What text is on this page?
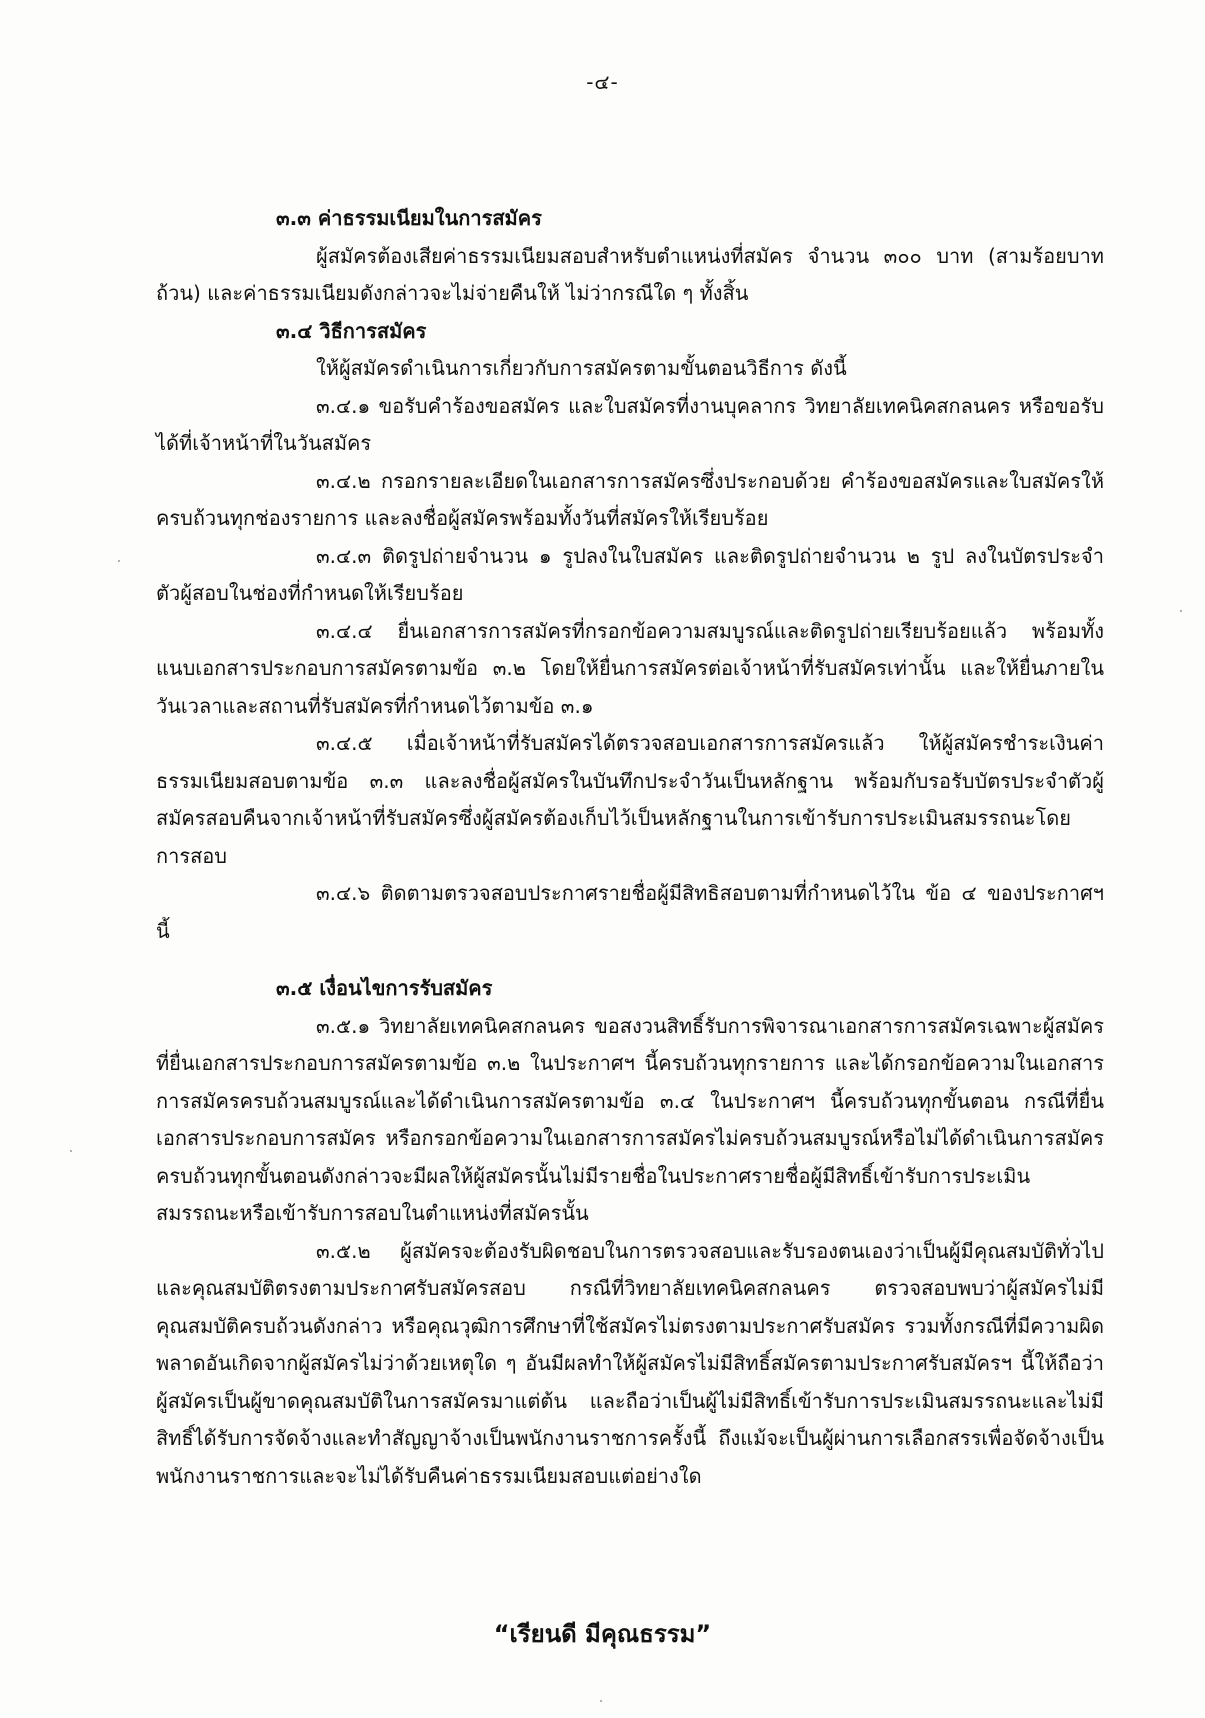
-๔-

๓.๓ ค่าธรรมเนียมในการสมัคร

ผู้สมัครต้องเสียค่าธรรมเนียมสอบสำหรับตำแหน่งที่สมัคร จำนวน ๓๐๐ บาท (สามร้อยบาทถ้วน) และค่าธรรมเนียมดังกล่าวจะไม่จ่ายคืนให้ ไม่ว่ากรณีใด ๆ ทั้งสิ้น

๓.๔ วิธีการสมัคร

ให้ผู้สมัครดำเนินการเกี่ยวกับการสมัครตามขั้นตอนวิธีการ ดังนี้

๓.๔.๑ ขอรับคำร้องขอสมัคร และใบสมัครที่งานบุคลากร วิทยาลัยเทคนิคสกลนคร หรือขอรับได้ที่เจ้าหน้าที่ในวันสมัคร

๓.๔.๒ กรอกรายละเอียดในเอกสารการสมัครซึ่งประกอบด้วย คำร้องขอสมัครและใบสมัครให้ครบถ้วนทุกช่องรายการ และลงชื่อผู้สมัครพร้อมทั้งวันที่สมัครให้เรียบร้อย

๓.๔.๓ ติดรูปถ่ายจำนวน ๑ รูปลงในใบสมัคร และติดรูปถ่ายจำนวน ๒ รูป ลงในบัตรประจำตัวผู้สอบในช่องที่กำหนดให้เรียบร้อย

๓.๔.๔ ยื่นเอกสารการสมัครที่กรอกข้อความสมบูรณ์และติดรูปถ่ายเรียบร้อยแล้ว พร้อมทั้งแนบเอกสารประกอบการสมัครตามข้อ ๓.๒ โดยให้ยื่นการสมัครต่อเจ้าหน้าที่รับสมัครเท่านั้น และให้ยื่นภายในวันเวลาและสถานที่รับสมัครที่กำหนดไว้ตามข้อ ๓.๑

๓.๔.๕ เมื่อเจ้าหน้าที่รับสมัครได้ตรวจสอบเอกสารการสมัครแล้ว ให้ผู้สมัครชำระเงินค่าธรรมเนียมสอบตามข้อ ๓.๓ และลงชื่อผู้สมัครในบันทึกประจำวันเป็นหลักฐาน พร้อมกับรอรับบัตรประจำตัวผู้สมัครสอบคืนจากเจ้าหน้าที่รับสมัครซึ่งผู้สมัครต้องเก็บไว้เป็นหลักฐานในการเข้ารับการประเมินสมรรถนะโดยการสอบ

๓.๔.๖ ติดตามตรวจสอบประกาศรายชื่อผู้มีสิทธิสอบตามที่กำหนดไว้ใน ข้อ ๔ ของประกาศฯ นี้

๓.๕ เงื่อนไขการรับสมัคร

๓.๕.๑ วิทยาลัยเทคนิคสกลนคร ขอสงวนสิทธิ์รับการพิจารณาเอกสารการสมัครเฉพาะผู้สมัครที่ยื่นเอกสารประกอบการสมัครตามข้อ ๓.๒ ในประกาศฯ นี้ครบถ้วนทุกรายการ และได้กรอกข้อความในเอกสารการสมัครครบถ้วนสมบูรณ์และได้ดำเนินการสมัครตามข้อ ๓.๔ ในประกาศฯ นี้ครบถ้วนทุกขั้นตอน กรณีที่ยื่นเอกสารประกอบการสมัคร หรือกรอกข้อความในเอกสารการสมัครไม่ครบถ้วนสมบูรณ์หรือไม่ได้ดำเนินการสมัครครบถ้วนทุกขั้นตอนดังกล่าวจะมีผลให้ผู้สมัครนั้นไม่มีรายชื่อในประกาศรายชื่อผู้มีสิทธิ์เข้ารับการประเมินสมรรถนะหรือเข้ารับการสอบในตำแหน่งที่สมัครนั้น

๓.๕.๒ ผู้สมัครจะต้องรับผิดชอบในการตรวจสอบและรับรองตนเองว่าเป็นผู้มีคุณสมบัติทั่วไปและคุณสมบัติตรงตามประกาศรับสมัครสอบ กรณีที่วิทยาลัยเทคนิคสกลนคร ตรวจสอบพบว่าผู้สมัครไม่มีคุณสมบัติครบถ้วนดังกล่าว หรือคุณวุฒิการศึกษาที่ใช้สมัครไม่ตรงตามประกาศรับสมัคร รวมทั้งกรณีที่มีความผิดพลาดอันเกิดจากผู้สมัครไม่ว่าด้วยเหตุใด ๆ อันมีผลทำให้ผู้สมัครไม่มีสิทธิ์สมัครตามประกาศรับสมัครฯ นี้ให้ถือว่าผู้สมัครเป็นผู้ขาดคุณสมบัติในการสมัครมาแต่ต้น และถือว่าเป็นผู้ไม่มีสิทธิ์เข้ารับการประเมินสมรรถนะและไม่มีสิทธิ์ได้รับการจัดจ้างและทำสัญญาจ้างเป็นพนักงานราชการครั้งนี้ ถึงแม้จะเป็นผู้ผ่านการเลือกสรรเพื่อจัดจ้างเป็นพนักงานราชการและจะไม่ได้รับคืนค่าธรรมเนียมสอบแต่อย่างใด

“เรียนดี มีคุณธรรม”
